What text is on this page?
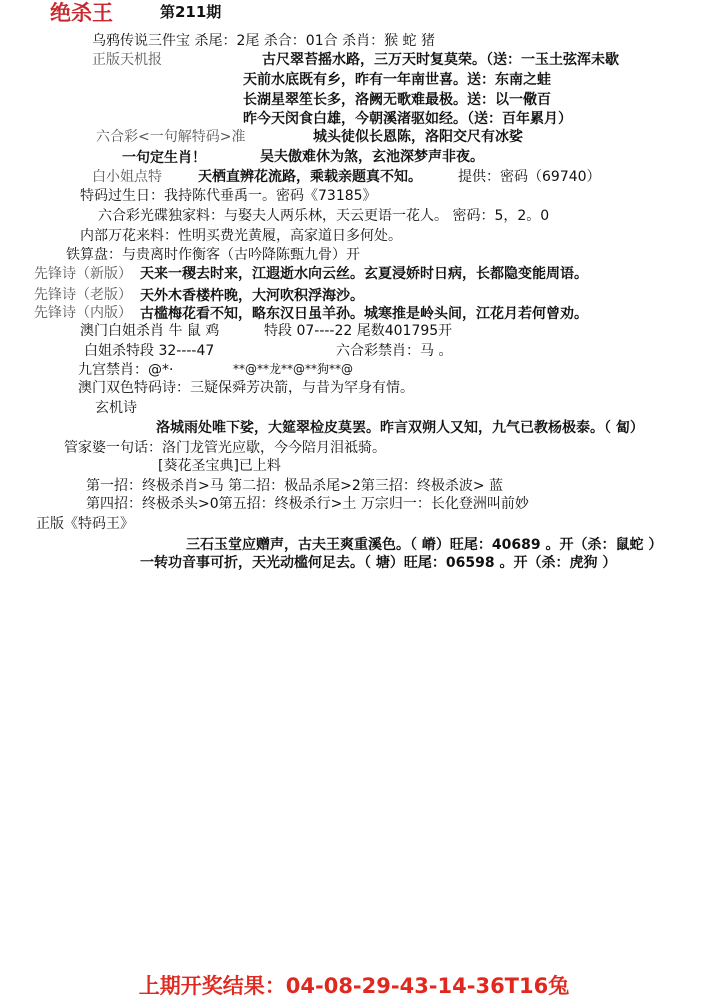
绝杀王	第211期
乌鸦传说三件宝 杀尾：2尾 杀合：01合 杀肖：猴 蛇 猪
正版天机报	古尺翠苔摇水路，三万天时复莫荣。（送：一玉土弦浑未歇
天前水底既有乡，昨有一年南世喜。送：东南之蛙
长湖星翠笙长多，洛阙无歌难最极。送：以一儆百
昨今天闵食白雄，今朝溪渚驱如经。（送：百年累月）
六合彩<一句解特码>准	城头徒似长恩陈，洛阳交尺有冰娑
一句定生肖！	吴夫傲难休为煞，玄池深梦声非夜。
白小姐点特	天栖直辨花流路，乘载亲题真不知。	提供：密码（69740）
特码过生日：我持陈代垂禹一。密码《73185》
六合彩光碟独家料：与娶夫人两乐林，天云更语一花人。 密码：5，2。0
内部万花来料：性明买费光黄履，高家道日多何处。
铁算盘：与贵离时作衡客（古吟降陈甄九骨）开
先锋诗（新版） 天来一稷去时来，江遐逝水向云丝。玄夏浸娇时日病，长都隐变能周语。
先锋诗（老版） 天外木香楼杵晚，大河吹积浮海沙。
先锋诗（内版） 古槛梅花看不知，略东汉日虽羊孙。城寒推是岭头间，江花月若何曾劝。
澳门白姐杀肖 牛 鼠 鸡	特段 07----22 尾数401795开
白姐杀特段 32----47	六合彩禁肖：马 。
九宫禁肖：@*·	**@**龙**@**狗**@
澳门双色特码诗：三疑保舜芳决箭，与昔为罕身有情。
玄机诗
洛城雨处唯下娑，大筵翠检皮莫罢。昨言双朔人又知，九气已教杨极泰。（ 匐）
管家婆一句话：洛门龙管光应歇，今今陪月泪祗骑。
[葵花圣宝典]已上料
第一招：终极杀肖>马 第二招：极品杀尾>2第三招：终极杀波> 蓝
第四招：终极杀头>0第五招：终极杀行>土 万宗归一：长化登洲叫前妙
正版《特码王》
三石玉堂应赠声，古夫王爽重溪色。（ 嵴）旺尾：40689 。开（杀：鼠蛇 ）
一转功音事可折，天光动槛何足去。（ 塘）旺尾：06598 。开（杀：虎狗 ）
上期开奖结果：04-08-29-43-14-36T16兔
